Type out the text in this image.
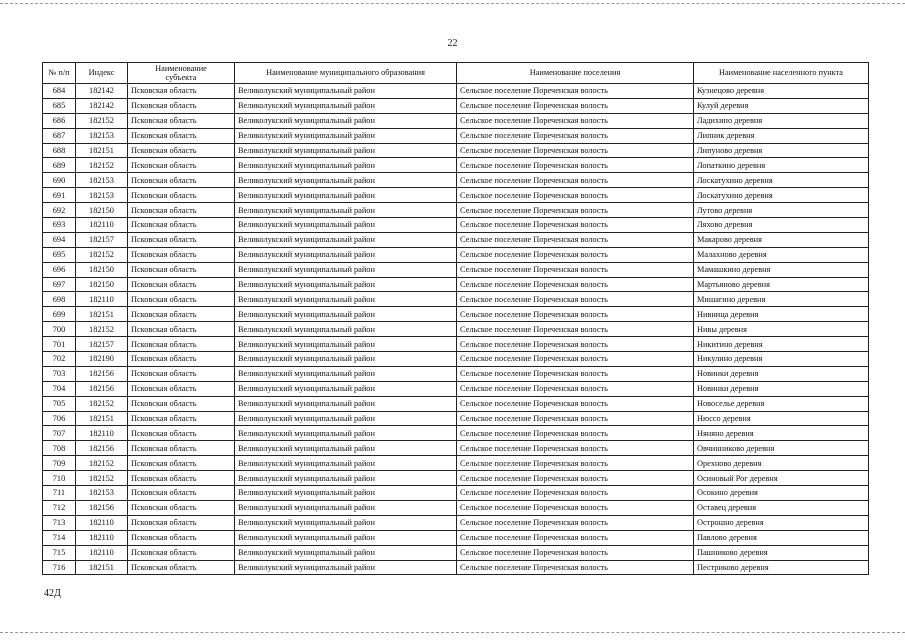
22
№ п/п	Индекс	Наименование субъекта	Наименование муниципального образования	Наименование поселения	Наименование населенного пункта
684	182142	Псковская область	Великолукский муниципальный район	Сельское поселение Пореченская волость	Кузнецово деревня
685	182142	Псковская область	Великолукский муниципальный район	Сельское поселение Пореченская волость	Кулуй деревня
686	182152	Псковская область	Великолукский муниципальный район	Сельское поселение Пореченская волость	Ладихино деревня
687	182153	Псковская область	Великолукский муниципальный район	Сельское поселение Пореченская волость	Липник деревня
688	182151	Псковская область	Великолукский муниципальный район	Сельское поселение Пореченская волость	Липуново деревня
689	182152	Псковская область	Великолукский муниципальный район	Сельское поселение Пореченская волость	Лопаткино деревня
690	182153	Псковская область	Великолукский муниципальный район	Сельское поселение Пореченская волость	Лоскатухино деревня
691	182153	Псковская область	Великолукский муниципальный район	Сельское поселение Пореченская волость	Лоскатухино деревня
692	182150	Псковская область	Великолукский муниципальный район	Сельское поселение Пореченская волость	Лутово деревня
693	182110	Псковская область	Великолукский муниципальный район	Сельское поселение Пореченская волость	Ляхово деревня
694	182157	Псковская область	Великолукский муниципальный район	Сельское поселение Пореченская волость	Макарово деревня
695	182152	Псковская область	Великолукский муниципальный район	Сельское поселение Пореченская волость	Малахново деревня
696	182150	Псковская область	Великолукский муниципальный район	Сельское поселение Пореченская волость	Мамашкино деревня
697	182150	Псковская область	Великолукский муниципальный район	Сельское поселение Пореченская волость	Мартьяново деревня
698	182110	Псковская область	Великолукский муниципальный район	Сельское поселение Пореченская волость	Мишагино деревня
699	182151	Псковская область	Великолукский муниципальный район	Сельское поселение Пореченская волость	Нивница деревня
700	182152	Псковская область	Великолукский муниципальный район	Сельское поселение Пореченская волость	Нивы деревня
701	182157	Псковская область	Великолукский муниципальный район	Сельское поселение Пореченская волость	Никитино деревня
702	182190	Псковская область	Великолукский муниципальный район	Сельское поселение Пореченская волость	Никулино деревня
703	182156	Псковская область	Великолукский муниципальный район	Сельское поселение Пореченская волость	Новинки деревня
704	182156	Псковская область	Великолукский муниципальный район	Сельское поселение Пореченская волость	Новинки деревня
705	182152	Псковская область	Великолукский муниципальный район	Сельское поселение Пореченская волость	Новоселье деревня
706	182151	Псковская область	Великолукский муниципальный район	Сельское поселение Пореченская волость	Нюссо деревня
707	182110	Псковская область	Великолукский муниципальный район	Сельское поселение Пореченская волость	Няняно деревня
708	182156	Псковская область	Великолукский муниципальный район	Сельское поселение Пореченская волость	Овчинниково деревня
709	182152	Псковская область	Великолукский муниципальный район	Сельское поселение Пореченская волость	Орехново деревня
710	182152	Псковская область	Великолукский муниципальный район	Сельское поселение Пореченская волость	Осиновый Рог деревня
711	182153	Псковская область	Великолукский муниципальный район	Сельское поселение Пореченская волость	Осокино деревня
712	182156	Псковская область	Великолукский муниципальный район	Сельское поселение Пореченская волость	Оставец деревня
713	182110	Псковская область	Великолукский муниципальный район	Сельское поселение Пореченская волость	Острошно деревня
714	182110	Псковская область	Великолукский муниципальный район	Сельское поселение Пореченская волость	Павлово деревня
715	182110	Псковская область	Великолукский муниципальный район	Сельское поселение Пореченская волость	Пашниково деревня
716	182151	Псковская область	Великолукский муниципальный район	Сельское поселение Пореченская волость	Пестриково деревня
42Д
